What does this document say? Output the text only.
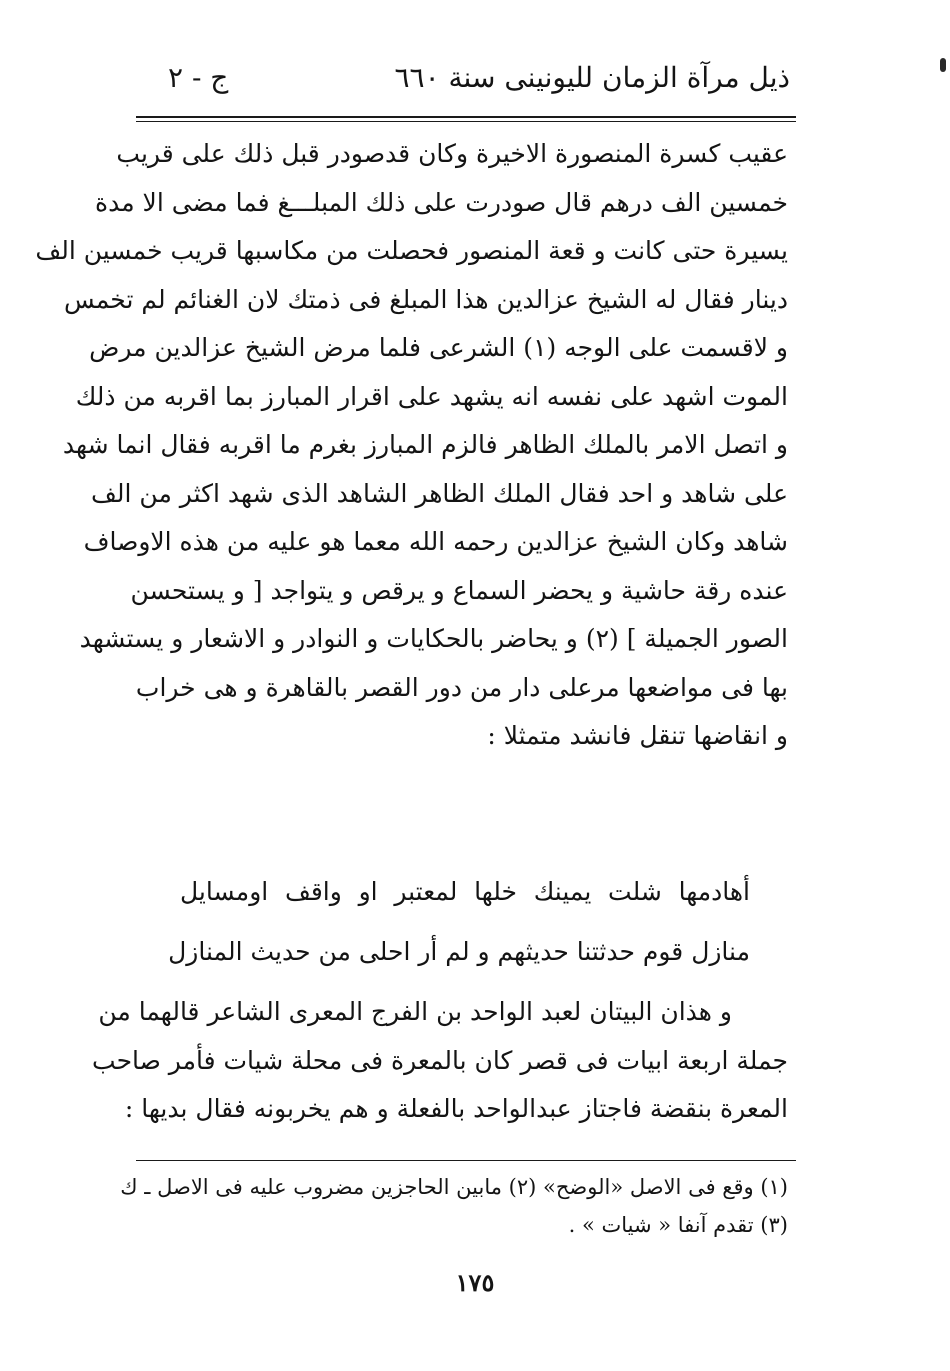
ذيل مرآة الزمان لليونينى سنة ٦٦٠
ج - ٢
عقيب كسرة المنصورة الاخيرة وكان قدصودر قبل ذلك على قريب
خمسين الف درهم قال صودرت على ذلك المبلـــغ فما مضى الا مدة
يسيرة حتى كانت و قعة المنصور فحصلت من مكاسبها قريب خمسين الف
دينار فقال له الشيخ عزالدين هذا المبلغ فى ذمتك لان الغنائم لم تخمس
و لاقسمت على الوجه (١) الشرعى فلما مرض الشيخ عزالدين مرض
الموت اشهد على نفسه انه يشهد على اقرار المبارز بما اقربه من ذلك
و اتصل الامر بالملك الظاهر فالزم المبارز بغرم ما اقربه فقال انما شهد
على شاهد و احد فقال الملك الظاهر الشاهد الذى شهد اكثر من الف
شاهد وكان الشيخ عزالدين رحمه الله معما هو عليه من هذه الاوصاف
عنده رقة حاشية و يحضر السماع و يرقص و يتواجد [ و يستحسن
الصور الجميلة ] (٢) و يحاضر بالحكايات و النوادر و الاشعار و يستشهد
بها فى مواضعها مرعلى دار من دور القصر بالقاهرة و هى خراب
و انقاضها تنقل فانشد متمثلا :
أهادمها شلت يمينك خلها لمعتبر او واقف اومسايل
منازل قوم حدثتنا حديثهم و لم أر احلى من حديث المنازل
و هذان البيتان لعبد الواحد بن الفرج المعرى الشاعر قالهما من
جملة اربعة ابيات فى قصر كان بالمعرة فى محلة شيات فأمر صاحب
المعرة بنقضة فاجتاز عبدالواحد بالفعلة و هم يخربونه فقال بديها :
(١) وقع فى الاصل «الوضح» (٢) مابين الحاجزين مضروب عليه فى الاصل ـ ك
(٣) تقدم آنفا « شيات » .
١٧٥
